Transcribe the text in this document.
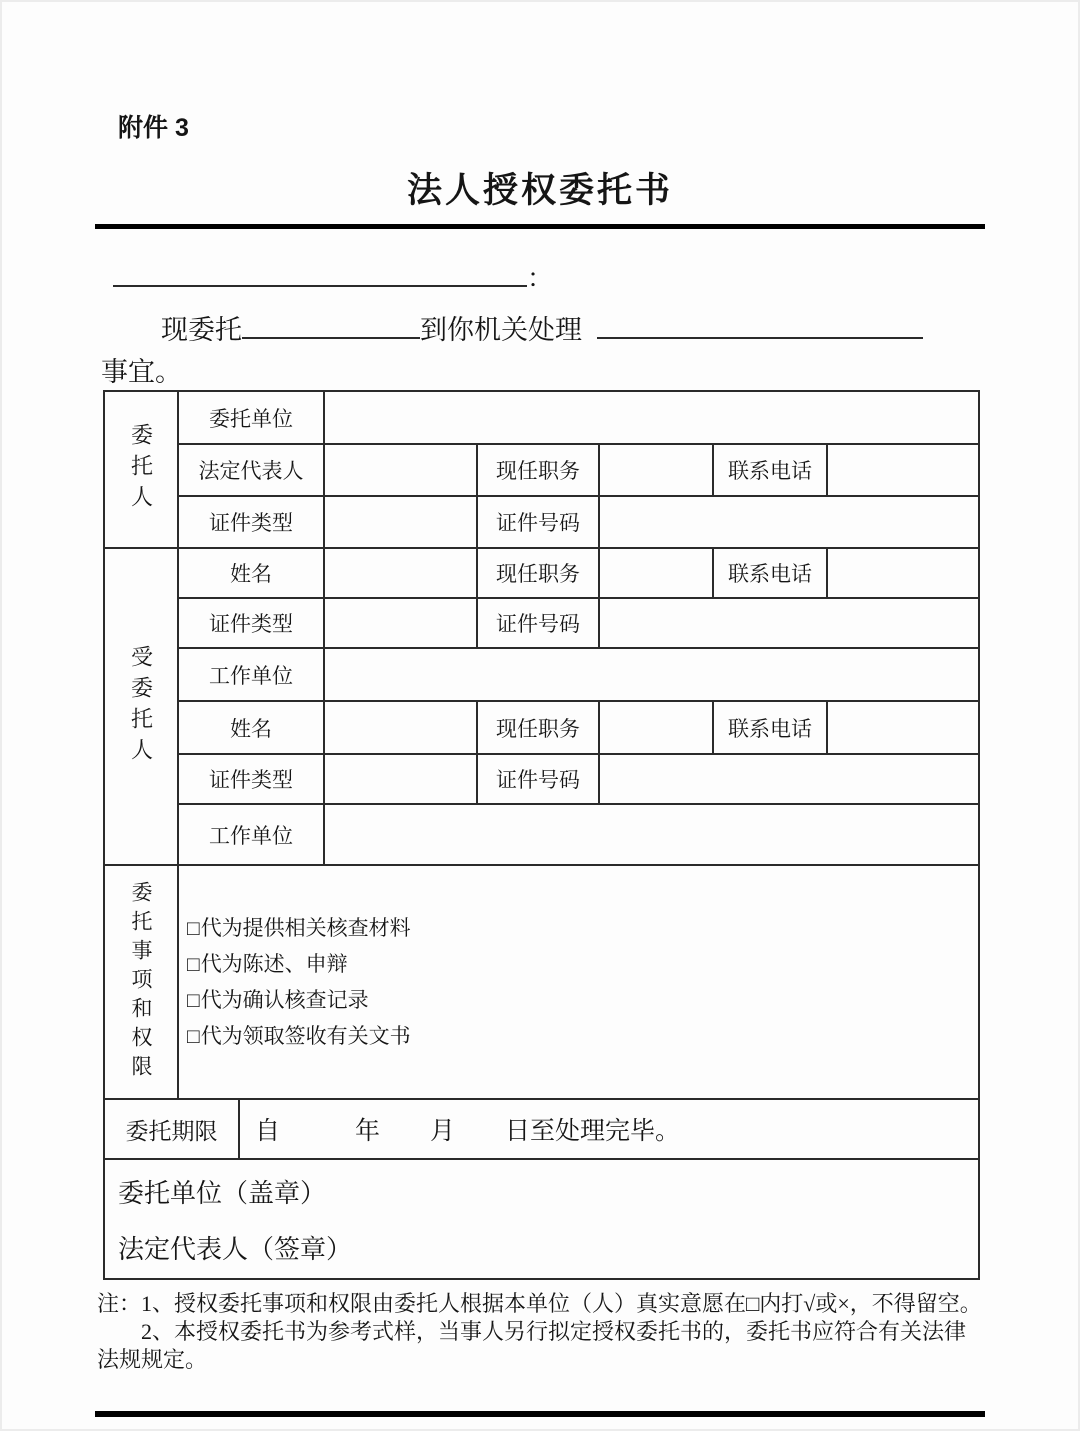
附件 3
法人授权委托书

：

现委托	到你机关处理

事宜。

委托人	委托单位						
	法定代表人			现任职务		联系电话	
	证件类型			证件号码			

受委托人	姓名			现任职务		联系电话	
	证件类型			证件号码			
	工作单位						
	姓名			现任职务		联系电话	
	证件类型			证件号码			
	工作单位						

委托事项和权限	□代为提供相关核查材料
□代为陈述、申辩
□代为确认核查记录
□代为领取签收有关文书						

委托期限		自　　　年　　月　　日至处理完毕。					

委托单位（盖章）
法定代表人（签章）							

注：1、授权委托事项和权限由委托人根据本单位（人）真实意愿在□内打√或×，不得留空。

2、本授权委托书为参考式样，当事人另行拟定授权委托书的，委托书应符合有关法律法规规定。
